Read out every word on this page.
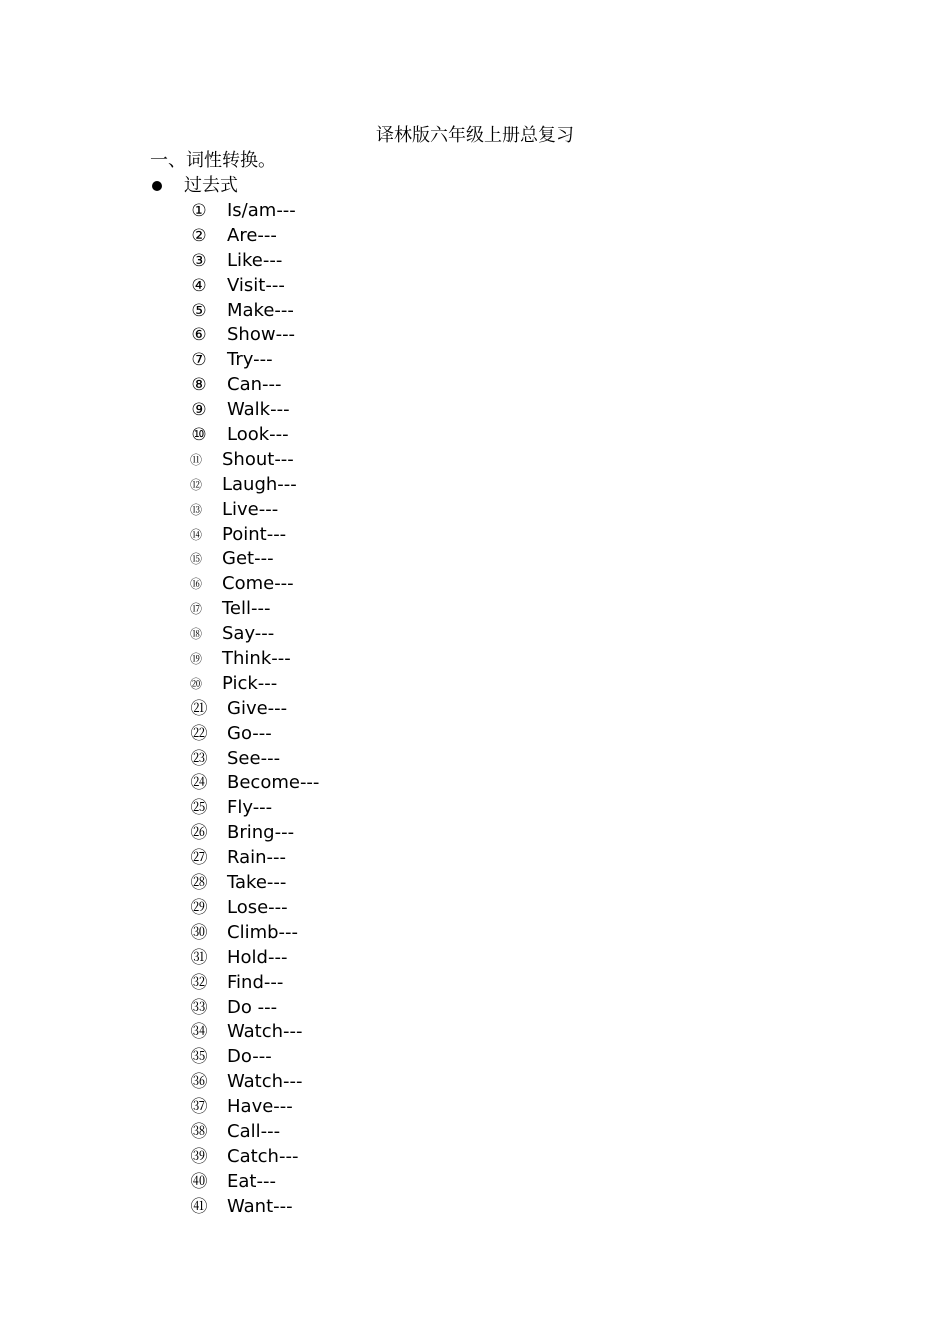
译林版六年级上册总复习
一、词性转换。
过去式
① Is/am---
② Are---
③ Like---
④ Visit---
⑤ Make---
⑥ Show---
⑦ Try---
⑧ Can---
⑨ Walk---
⑩ Look---
⑪ Shout---
⑫ Laugh---
⑬ Live---
⑭ Point---
⑮ Get---
⑯ Come---
⑰ Tell---
⑱ Say---
⑲ Think---
⑳ Pick---
㉑ Give---
㉒ Go---
㉓ See---
㉔ Become---
㉕ Fly---
㉖ Bring---
㉗ Rain---
㉘ Take---
㉙ Lose---
㉚ Climb---
㉛ Hold---
㉜ Find---
㉝ Do ---
㉞ Watch---
㉟ Do---
㊱ Watch---
㊲ Have---
㊳ Call---
㊴ Catch---
㊵ Eat---
㊶ Want---
